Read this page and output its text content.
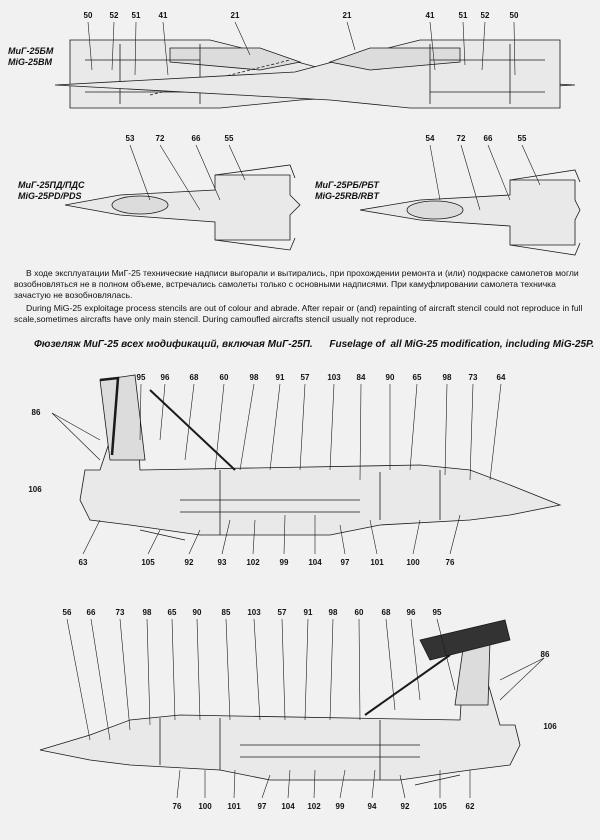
МиГ-25БМ
MiG-25BM
МиГ-25ПД/ПДС
MiG-25PD/PDS
МиГ-25РБ/РБТ
MiG-25RB/RBT
В ходе эксплуатации МиГ-25 технические надписи выгорали и вытирались, при прохождении ремонта и (или) подкраске самолетов могли
возобновляться не в полном объеме, встречались самолеты только с основными надписями. При камуфлировании самолета техничка
зачастую не возобновлялась.
During MiG-25 exploitage process stencils are out of colour and abrade. After repair or (and) repainting of aircraft stencil could not reproduce in full
scale,sometimes aircrafts have only main stencil. During camoufled aircrafts stencil usually not reproduce.
Фюзеляж МиГ-25 всех модификаций, включая МиГ-25П.      Fuselage of  all MiG-25 modification, including MiG-25P.
50 52 51 41	21	21	41	51 52	50
53	72	66	55	54	72 66	55
95 96	68	60	98 91 57 103 84	90 65	98 73 64
86
106
63	105	92	93 102 99 104 97	101	100	76
56 66	73 98 65 90	85 103 57 91 98 60 68 96 95
86
106
76 100 101 97 104 102 99	94	92	105 62
